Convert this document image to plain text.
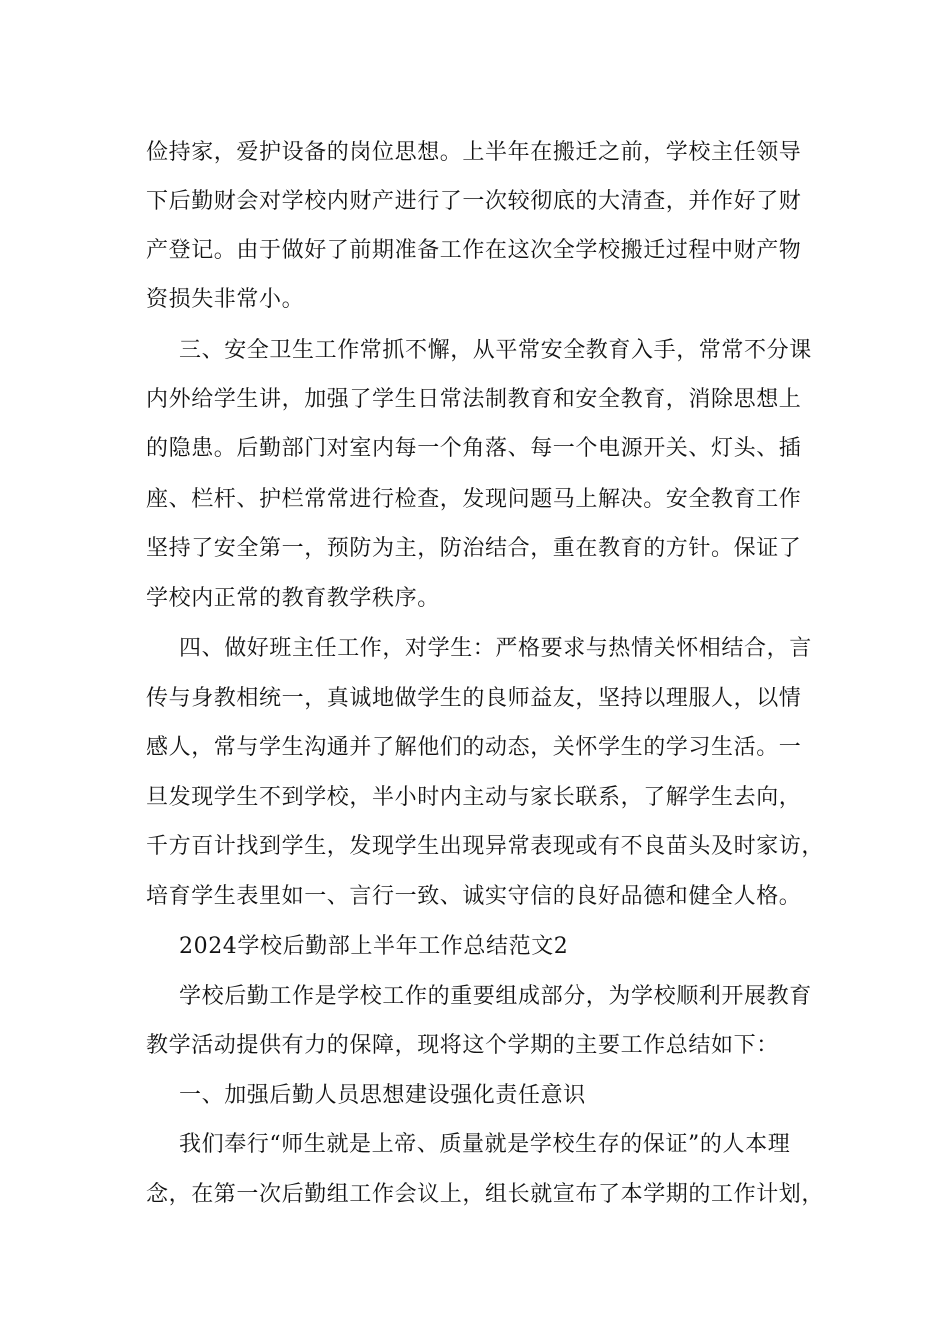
俭持家，爱护设备的岗位思想。上半年在搬迁之前，学校主任领导
下后勤财会对学校内财产进行了一次较彻底的大清查，并作好了财
产登记。由于做好了前期准备工作在这次全学校搬迁过程中财产物
资损失非常小。
三、安全卫生工作常抓不懈，从平常安全教育入手，常常不分课
内外给学生讲，加强了学生日常法制教育和安全教育，消除思想上
的隐患。后勤部门对室内每一个角落、每一个电源开关、灯头、插
座、栏杆、护栏常常进行检查，发现问题马上解决。安全教育工作
坚持了安全第一，预防为主，防治结合，重在教育的方针。保证了
学校内正常的教育教学秩序。
四、做好班主任工作，对学生：严格要求与热情关怀相结合，言
传与身教相统一，真诚地做学生的良师益友，坚持以理服人，以情
感人，常与学生沟通并了解他们的动态，关怀学生的学习生活。一
旦发现学生不到学校，半小时内主动与家长联系，了解学生去向，
千方百计找到学生，发现学生出现异常表现或有不良苗头及时家访，
培育学生表里如一、言行一致、诚实守信的良好品德和健全人格。
2024学校后勤部上半年工作总结范文2
学校后勤工作是学校工作的重要组成部分，为学校顺利开展教育
教学活动提供有力的保障，现将这个学期的主要工作总结如下：
一、加强后勤人员思想建设强化责任意识
我们奉行“师生就是上帝、质量就是学校生存的保证”的人本理
念，在第一次后勤组工作会议上，组长就宣布了本学期的工作计划，
